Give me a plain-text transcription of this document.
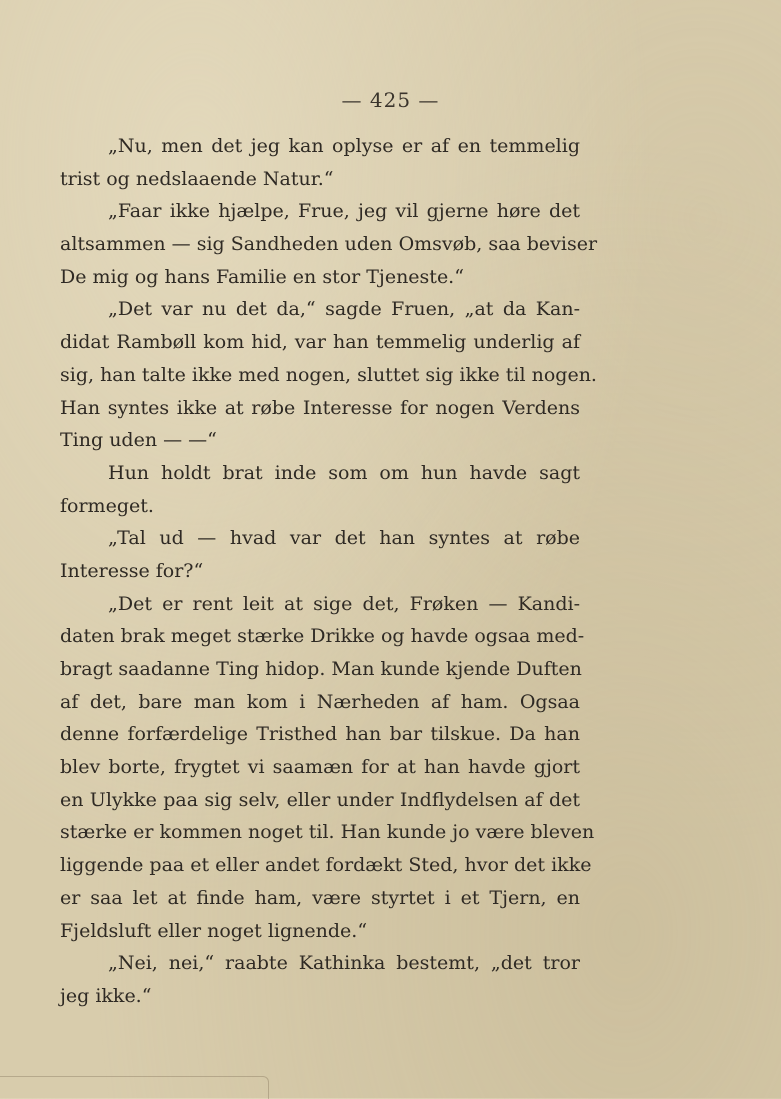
— 425 —
„Nu, men det jeg kan oplyse er af en temmelig
trist og nedslaaende Natur.“
„Faar ikke hjælpe, Frue, jeg vil gjerne høre det
altsammen — sig Sandheden uden Omsvøb, saa beviser
De mig og hans Familie en stor Tjeneste.“
„Det var nu det da,“ sagde Fruen, „at da Kan-
didat Rambøll kom hid, var han temmelig underlig af
sig, han talte ikke med nogen, sluttet sig ikke til nogen.
Han syntes ikke at røbe Interesse for nogen Verdens
Ting uden — —“
Hun holdt brat inde som om hun havde sagt
formeget.
„Tal ud — hvad var det han syntes at røbe
Interesse for?“
„Det er rent leit at sige det, Frøken — Kandi-
daten brak meget stærke Drikke og havde ogsaa med-
bragt saadanne Ting hidop. Man kunde kjende Duften
af det, bare man kom i Nærheden af ham. Ogsaa
denne forfærdelige Tristhed han bar tilskue. Da han
blev borte, frygtet vi saamæn for at han havde gjort
en Ulykke paa sig selv, eller under Indflydelsen af det
stærke er kommen noget til. Han kunde jo være bleven
liggende paa et eller andet fordækt Sted, hvor det ikke
er saa let at finde ham, være styrtet i et Tjern, en
Fjeldsluft eller noget lignende.“
„Nei, nei,“ raabte Kathinka bestemt, „det tror
jeg ikke.“
